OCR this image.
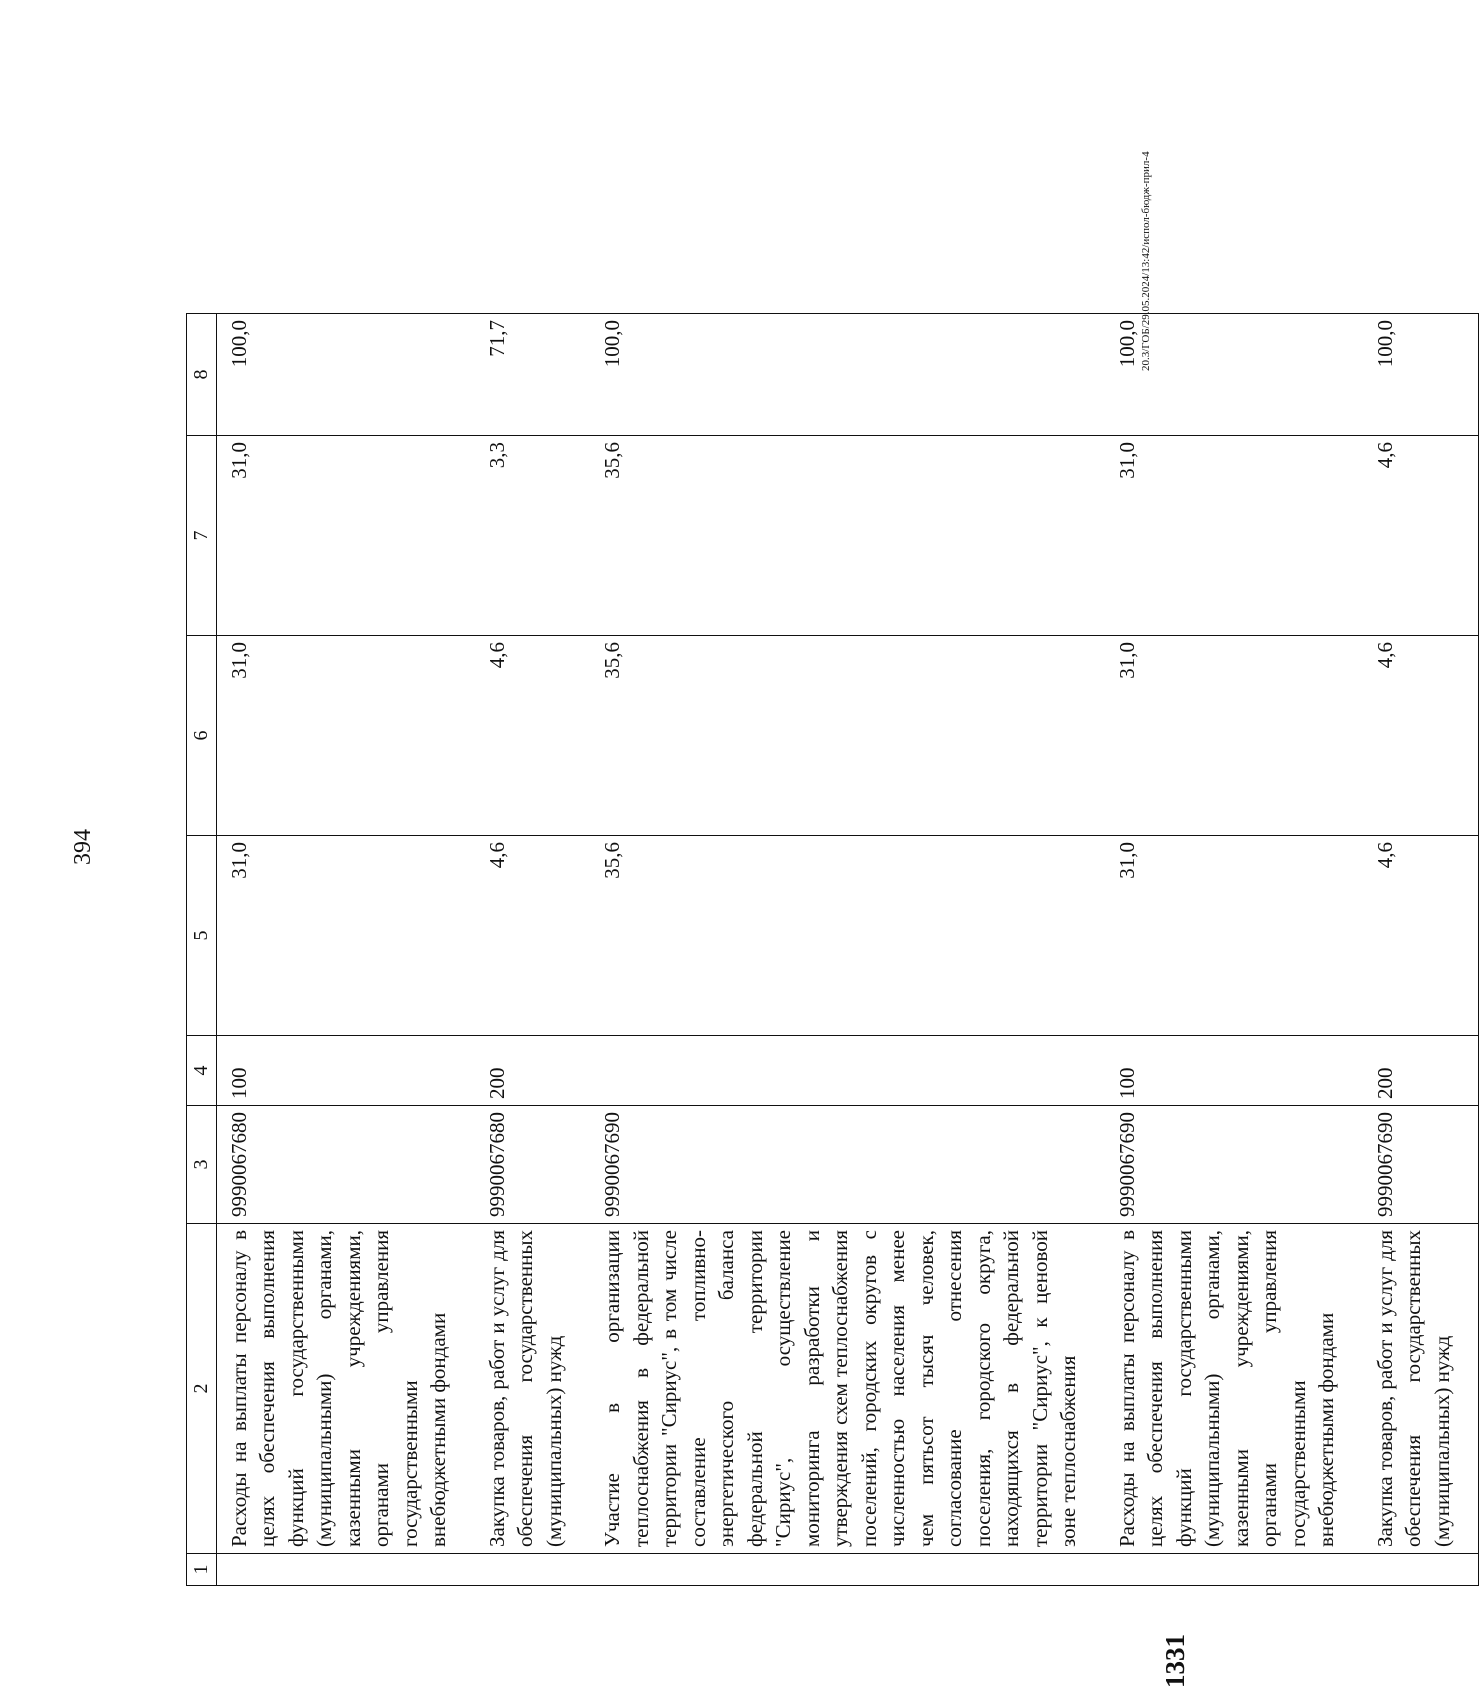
394
1	2	3	4	5	6	7	8
	Расходы на выплаты персоналу в целях обеспечения выполнения функций государственными (муниципальными) органами, казенными учреждениями, органами управления государственными внебюджетными фондами	9990067680	100	31,0	31,0	31,0	100,0
	Закупка товаров, работ и услуг для обеспечения государственных (муниципальных) нужд	9990067680	200	4,6	4,6	3,3	71,7
	Участие в организации теплоснабжения в федеральной территории "Сириус", в том числе составление топливно-энергетического баланса федеральной территории "Сириус", осуществление мониторинга разработки и утверждения схем теплоснабжения поселений, городских округов с численностью населения менее чем пятьсот тысяч человек, согласование отнесения поселения, городского округа, находящихся в федеральной территории "Сириус", к ценовой зоне теплоснабжения	9990067690		35,6	35,6	35,6	100,0
	Расходы на выплаты персоналу в целях обеспечения выполнения функций государственными (муниципальными) органами, казенными учреждениями, органами управления государственными внебюджетными фондами	9990067690	100	31,0	31,0	31,0	100,0
	Закупка товаров, работ и услуг для обеспечения государственных (муниципальных) нужд	9990067690	200	4,6	4,6	4,6	100,0
20.3/ГОБ/29.05.2024/13:42/испол-бюдж-прил-4
1331
